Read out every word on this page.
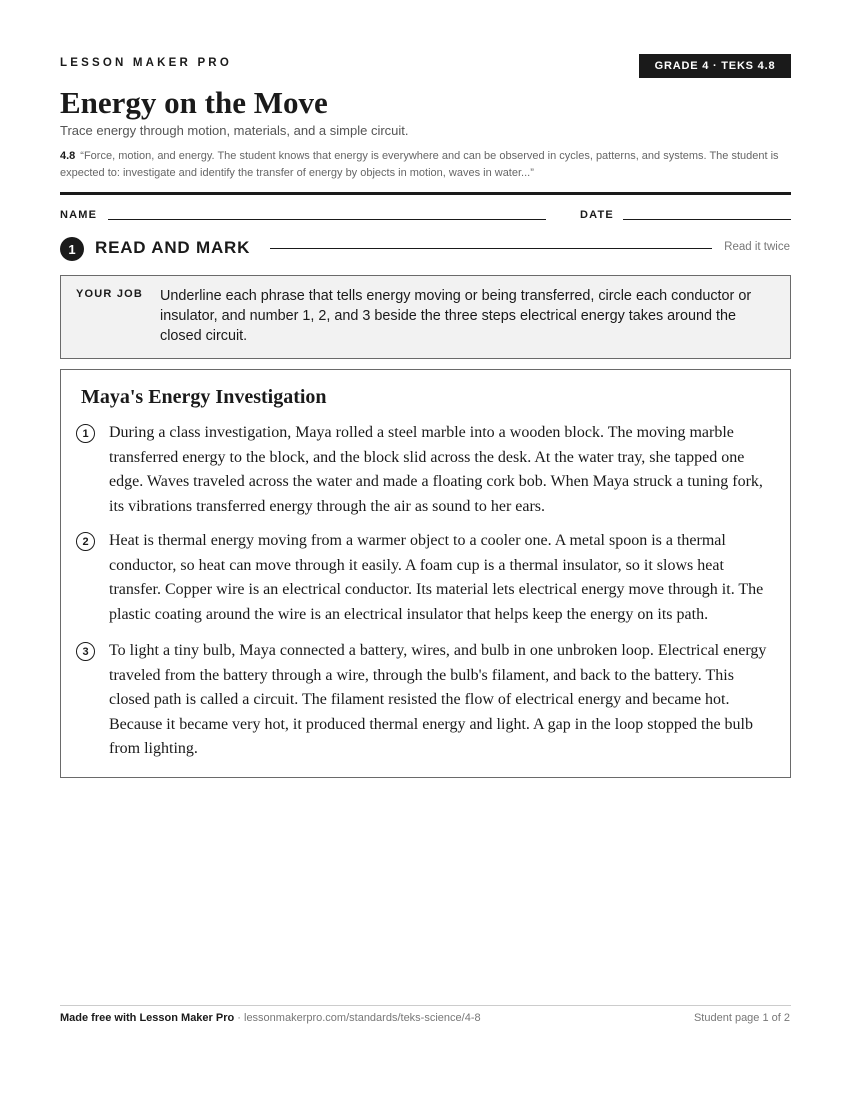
LESSON MAKER PRO	GRADE 4 · TEKS 4.8
Energy on the Move
Trace energy through motion, materials, and a simple circuit.
4.8 “Force, motion, and energy. The student knows that energy is everywhere and can be observed in cycles, patterns, and systems. The student is expected to: investigate and identify the transfer of energy by objects in motion, waves in water...”
NAME	DATE
1	READ AND MARK	Read it twice
YOUR JOB Underline each phrase that tells energy moving or being transferred, circle each conductor or insulator, and number 1, 2, and 3 beside the three steps electrical energy takes around the closed circuit.
Maya's Energy Investigation
1	During a class investigation, Maya rolled a steel marble into a wooden block. The moving marble transferred energy to the block, and the block slid across the desk. At the water tray, she tapped one edge. Waves traveled across the water and made a floating cork bob. When Maya struck a tuning fork, its vibrations transferred energy through the air as sound to her ears.
2	Heat is thermal energy moving from a warmer object to a cooler one. A metal spoon is a thermal conductor, so heat can move through it easily. A foam cup is a thermal insulator, so it slows heat transfer. Copper wire is an electrical conductor. Its material lets electrical energy move through it. The plastic coating around the wire is an electrical insulator that helps keep the energy on its path.
3	To light a tiny bulb, Maya connected a battery, wires, and bulb in one unbroken loop. Electrical energy traveled from the battery through a wire, through the bulb's filament, and back to the battery. This closed path is called a circuit. The filament resisted the flow of electrical energy and became hot. Because it became very hot, it produced thermal energy and light. A gap in the loop stopped the bulb from lighting.
Made free with Lesson Maker Pro · lessonmakerpro.com/standards/teks-science/4-8	Student page 1 of 2
